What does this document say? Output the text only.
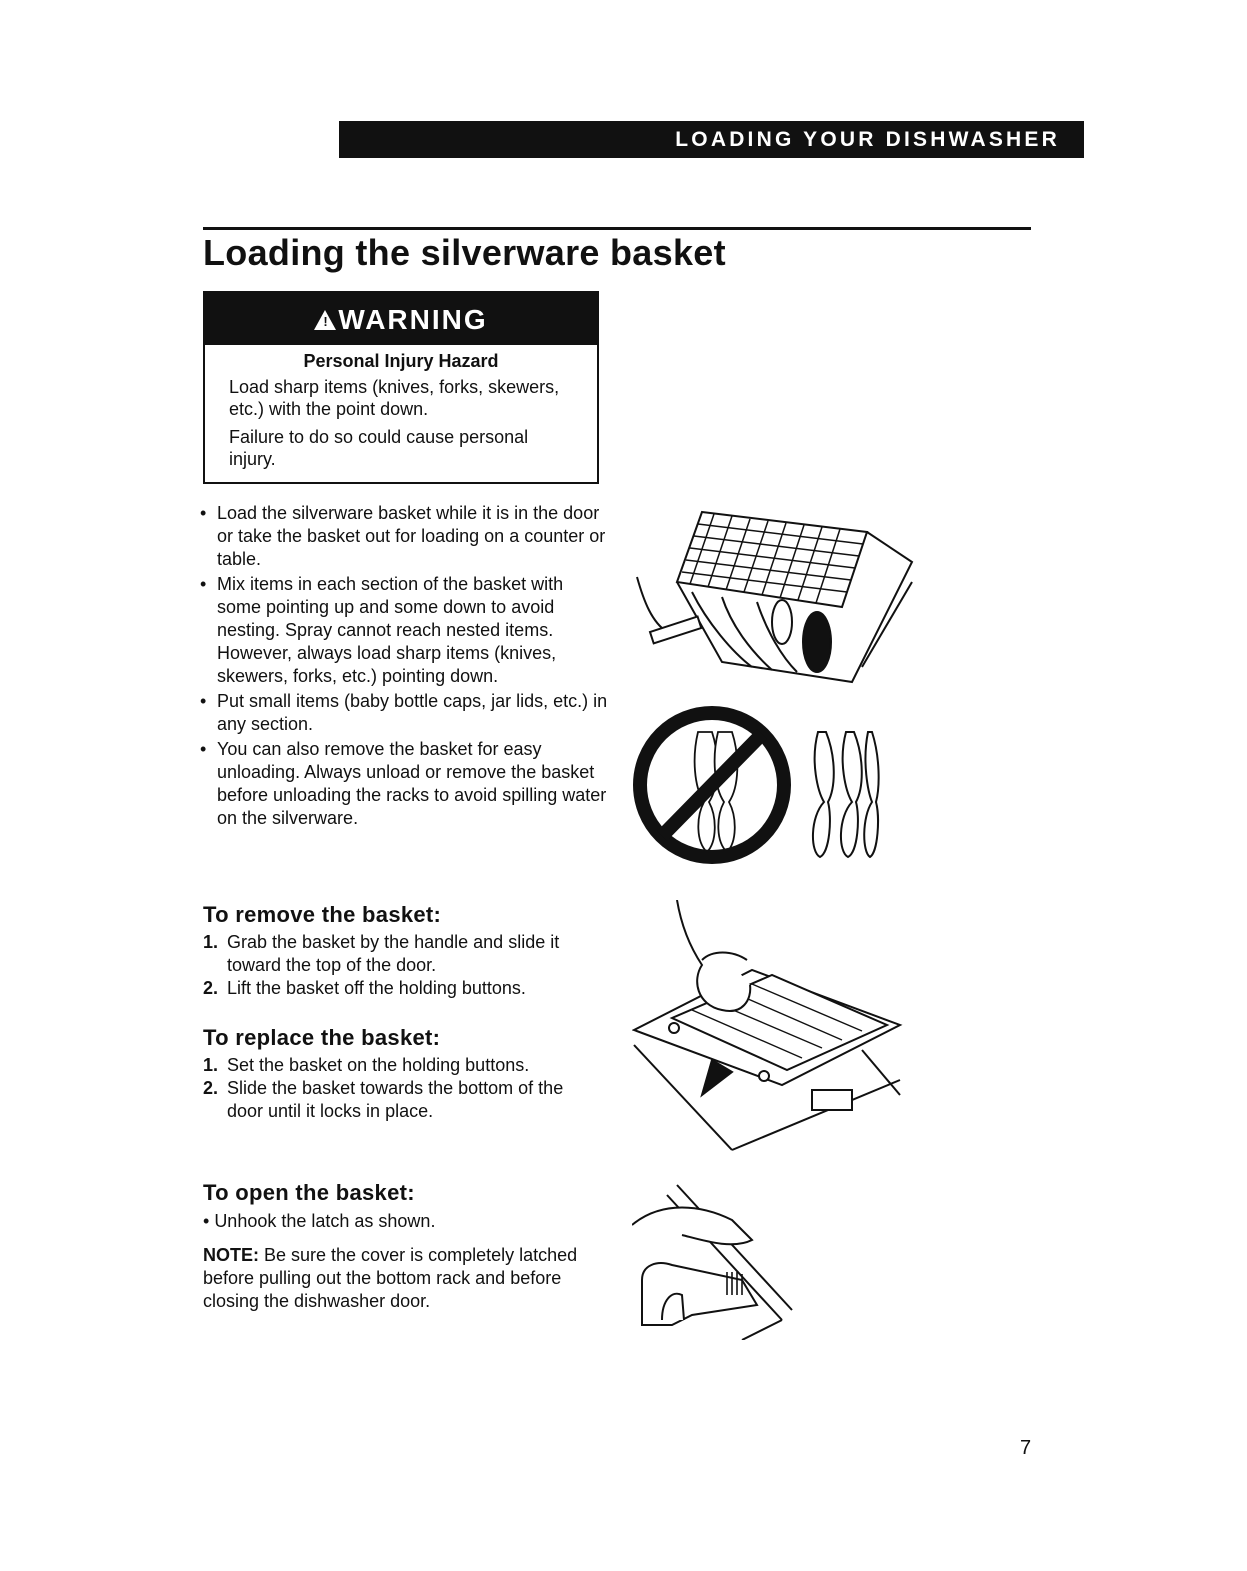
LOADING YOUR DISHWASHER
Loading the silverware basket
! WARNING
Personal Injury Hazard

Load sharp items (knives, forks, skewers, etc.) with the point down.

Failure to do so could cause personal injury.

• Load the silverware basket while it is in the door or take the basket out for loading on a counter or table.
• Mix items in each section of the basket with some pointing up and some down to avoid nesting. Spray cannot reach nested items. However, always load sharp items (knives, skewers, forks, etc.) pointing down.
• Put small items (baby bottle caps, jar lids, etc.) in any section.
• You can also remove the basket for easy unloading. Always unload or remove the basket before unloading the racks to avoid spilling water on the silverware.
To remove the basket:
1. Grab the basket by the handle and slide it toward the top of the door.
2. Lift the basket off the holding buttons.
To replace the basket:
1. Set the basket on the holding buttons.
2. Slide the basket towards the bottom of the door until it locks in place.
To open the basket:
• Unhook the latch as shown.

NOTE: Be sure the cover is completely latched before pulling out the bottom rack and before closing the dishwasher door.

7
